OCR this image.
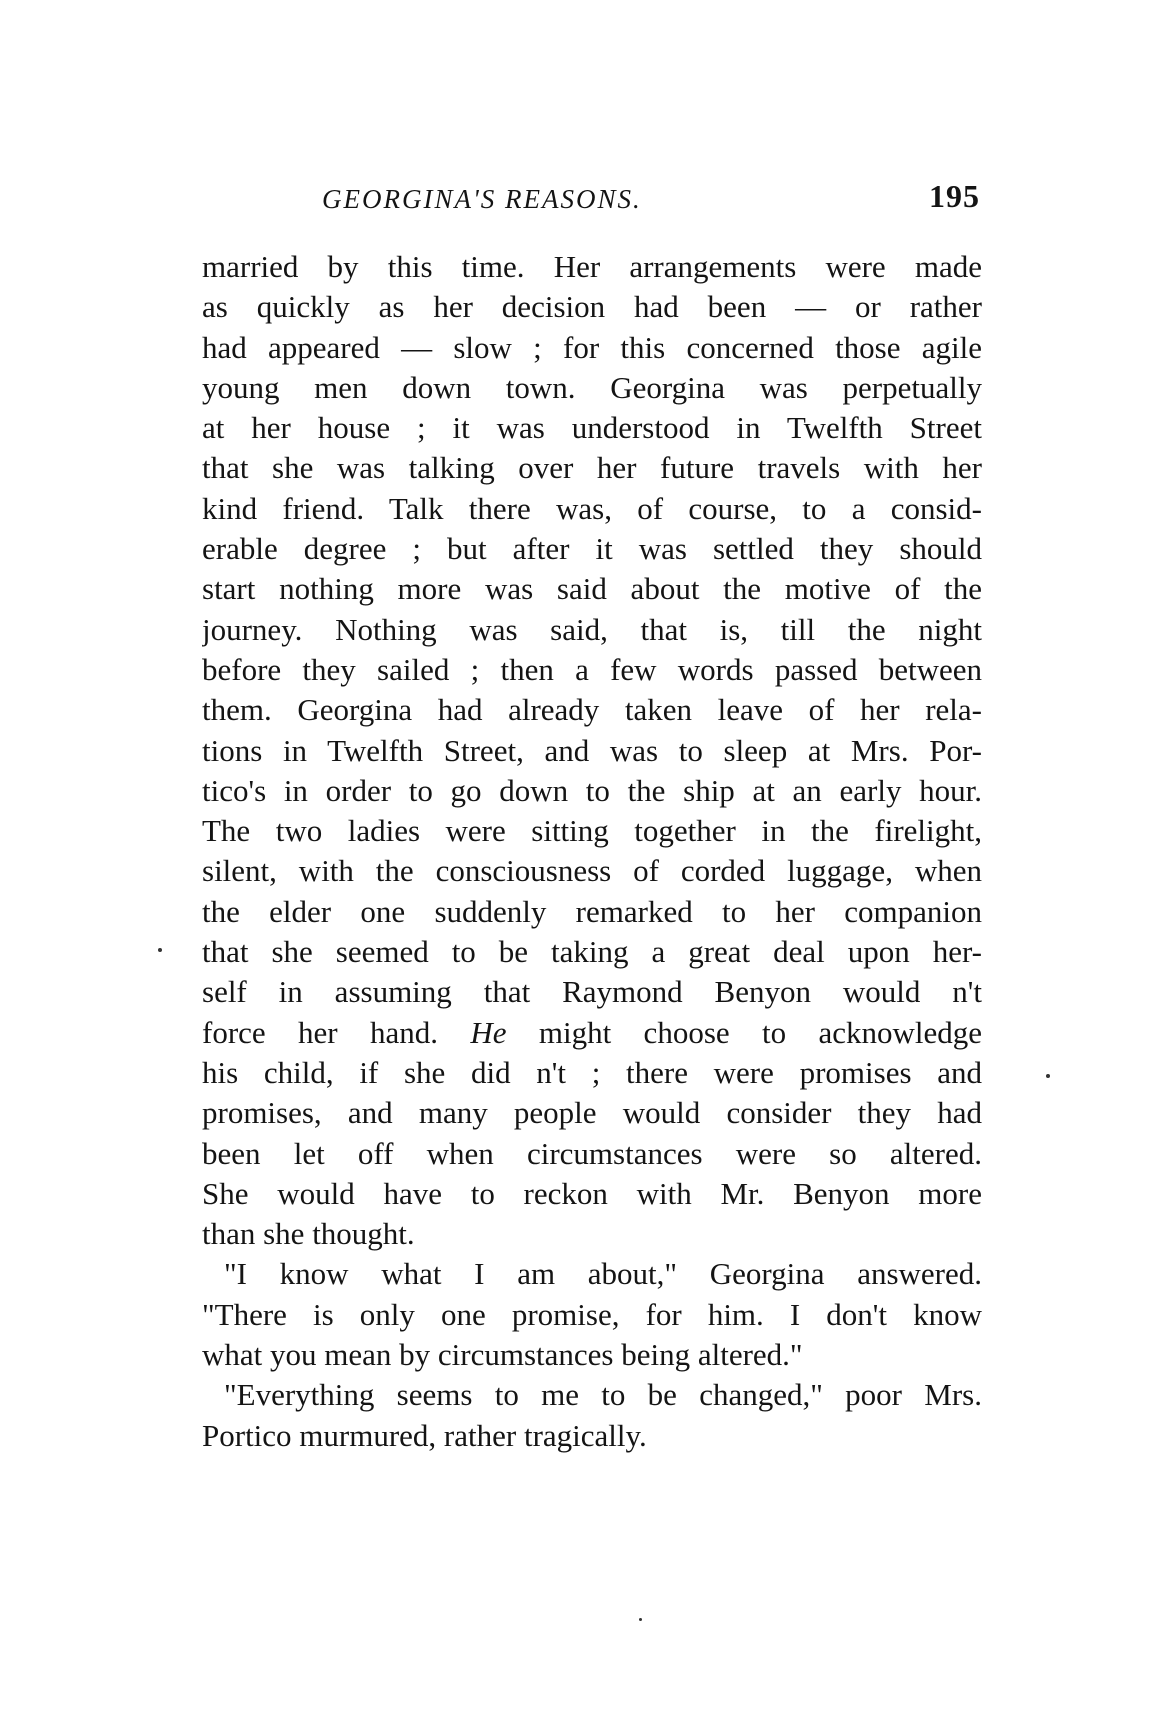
GEORGINA'S REASONS.	195
married by this time. Her arrangements were made
as quickly as her decision had been — or rather
had appeared — slow ; for this concerned those agile
young men down town. Georgina was perpetually
at her house ; it was understood in Twelfth Street
that she was talking over her future travels with her
kind friend. Talk there was, of course, to a consid-
erable degree ; but after it was settled they should
start nothing more was said about the motive of the
journey. Nothing was said, that is, till the night
before they sailed ; then a few words passed between
them. Georgina had already taken leave of her rela-
tions in Twelfth Street, and was to sleep at Mrs. Por-
tico's in order to go down to the ship at an early hour.
The two ladies were sitting together in the firelight,
silent, with the consciousness of corded luggage, when
the elder one suddenly remarked to her companion
that she seemed to be taking a great deal upon her-
self in assuming that Raymond Benyon would n't
force her hand. He might choose to acknowledge
his child, if she did n't ; there were promises and
promises, and many people would consider they had
been let off when circumstances were so altered.
She would have to reckon with Mr. Benyon more
than she thought.
"I know what I am about," Georgina answered.
"There is only one promise, for him. I don't know
what you mean by circumstances being altered."
"Everything seems to me to be changed," poor Mrs.
Portico murmured, rather tragically.
